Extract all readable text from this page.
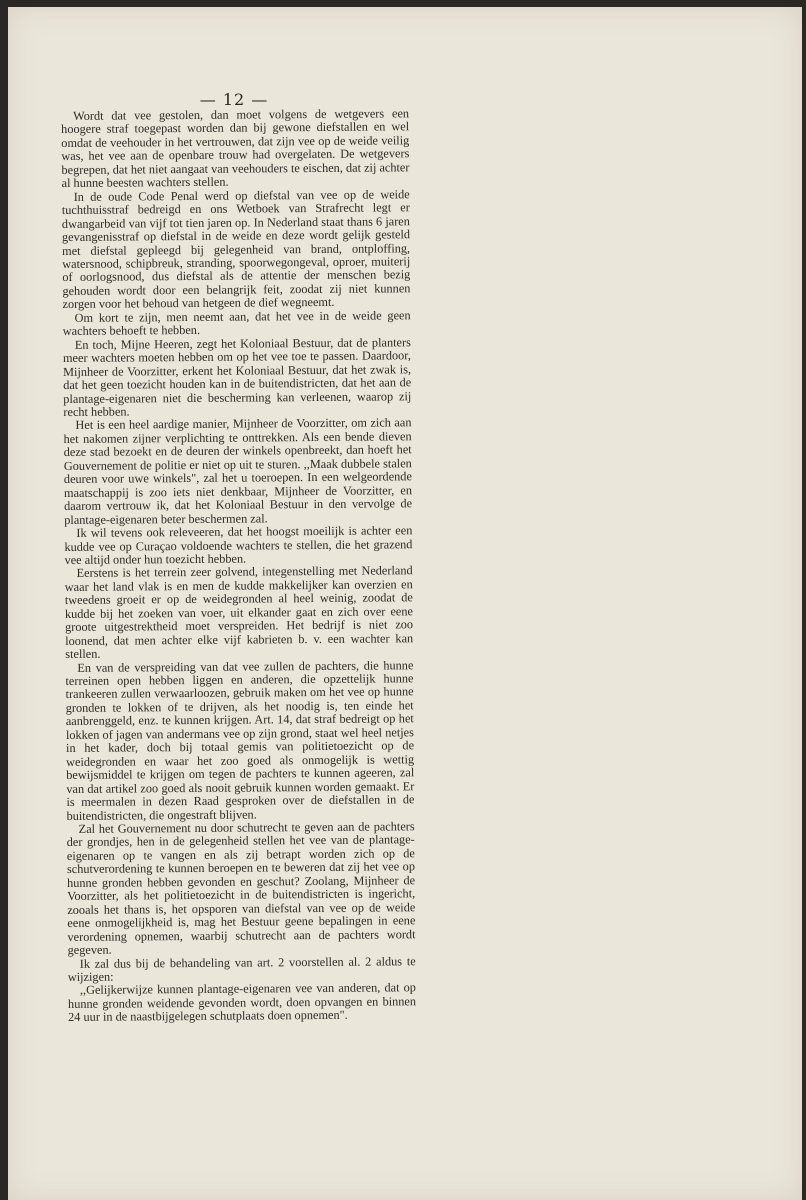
— 12 —

Wordt dat vee gestolen, dan moet volgens de wetgevers een hoogere straf toegepast worden dan bij gewone diefstallen en wel omdat de veehouder in het vertrouwen, dat zijn vee op de weide veilig was, het vee aan de openbare trouw had overgelaten. De wetgevers begrepen, dat het niet aangaat van veehouders te eischen, dat zij achter al hunne beesten wachters stellen.

In de oude Code Penal werd op diefstal van vee op de weide tuchthuisstraf bedreigd en ons Wetboek van Strafrecht legt er dwangarbeid van vijf tot tien jaren op. In Nederland staat thans 6 jaren gevangenisstraf op diefstal in de weide en deze wordt gelijk gesteld met diefstal gepleegd bij gelegenheid van brand, ontploffing, watersnood, schipbreuk, stranding, spoorwegongeval, oproer, muiterij of oorlogsnood, dus diefstal als de attentie der menschen bezig gehouden wordt door een belangrijk feit, zoodat zij niet kunnen zorgen voor het behoud van hetgeen de dief wegneemt.

Om kort te zijn, men neemt aan, dat het vee in de weide geen wachters behoeft te hebben.

En toch, Mijne Heeren, zegt het Koloniaal Bestuur, dat de planters meer wachters moeten hebben om op het vee toe te passen. Daardoor, Mijnheer de Voorzitter, erkent het Koloniaal Bestuur, dat het zwak is, dat het geen toezicht houden kan in de buitendistricten, dat het aan de plantage-eigenaren niet die bescherming kan verleenen, waarop zij recht hebben.

Het is een heel aardige manier, Mijnheer de Voorzitter, om zich aan het nakomen zijner verplichting te onttrekken. Als een bende dieven deze stad bezoekt en de deuren der winkels openbreekt, dan hoeft het Gouvernement de politie er niet op uit te sturen. ,,Maak dubbele stalen deuren voor uwe winkels", zal het u toeroepen. In een welgeordende maatschappij is zoo iets niet denkbaar, Mijnheer de Voorzitter, en daarom vertrouw ik, dat het Koloniaal Bestuur in den vervolge de plantage-eigenaren beter beschermen zal.

Ik wil tevens ook releveeren, dat het hoogst moeilijk is achter een kudde vee op Curaçao voldoende wachters te stellen, die het grazend vee altijd onder hun toezicht hebben.

Eerstens is het terrein zeer golvend, integenstelling met Nederland waar het land vlak is en men de kudde makkelijker kan overzien en tweedens groeit er op de weidegronden al heel weinig, zoodat de kudde bij het zoeken van voer, uit elkander gaat en zich over eene groote uitgestrektheid moet verspreiden. Het bedrijf is niet zoo loonend, dat men achter elke vijf kabrieten b. v. een wachter kan stellen.

En van de verspreiding van dat vee zullen de pachters, die hunne terreinen open hebben liggen en anderen, die opzettelijk hunne trankeeren zullen verwaarloozen, gebruik maken om het vee op hunne gronden te lokken of te drijven, als het noodig is, ten einde het aanbrenggeld, enz. te kunnen krijgen. Art. 14, dat straf bedreigt op het lokken of jagen van andermans vee op zijn grond, staat wel heel netjes in het kader, doch bij totaal gemis van politietoezicht op de weidegronden en waar het zoo goed als onmogelijk is wettig bewijsmiddel te krijgen om tegen de pachters te kunnen ageeren, zal van dat artikel zoo goed als nooit gebruik kunnen worden gemaakt. Er is meermalen in dezen Raad gesproken over de diefstallen in de buitendistricten, die ongestraft blijven.

Zal het Gouvernement nu door schutrecht te geven aan de pachters der grondjes, hen in de gelegenheid stellen het vee van de plantage-eigenaren op te vangen en als zij betrapt worden zich op de schutverordening te kunnen beroepen en te beweren dat zij het vee op hunne gronden hebben gevonden en geschut? Zoolang, Mijnheer de Voorzitter, als het politietoezicht in de buitendistricten is ingericht, zooals het thans is, het opsporen van diefstal van vee op de weide eene onmogelijkheid is, mag het Bestuur geene bepalingen in eene verordening opnemen, waarbij schutrecht aan de pachters wordt gegeven.

Ik zal dus bij de behandeling van art. 2 voorstellen al. 2 aldus te wijzigen:

,,Gelijkerwijze kunnen plantage-eigenaren vee van anderen, dat op hunne gronden weidende gevonden wordt, doen opvangen en binnen 24 uur in de naastbijgelegen schutplaats doen opnemen".
